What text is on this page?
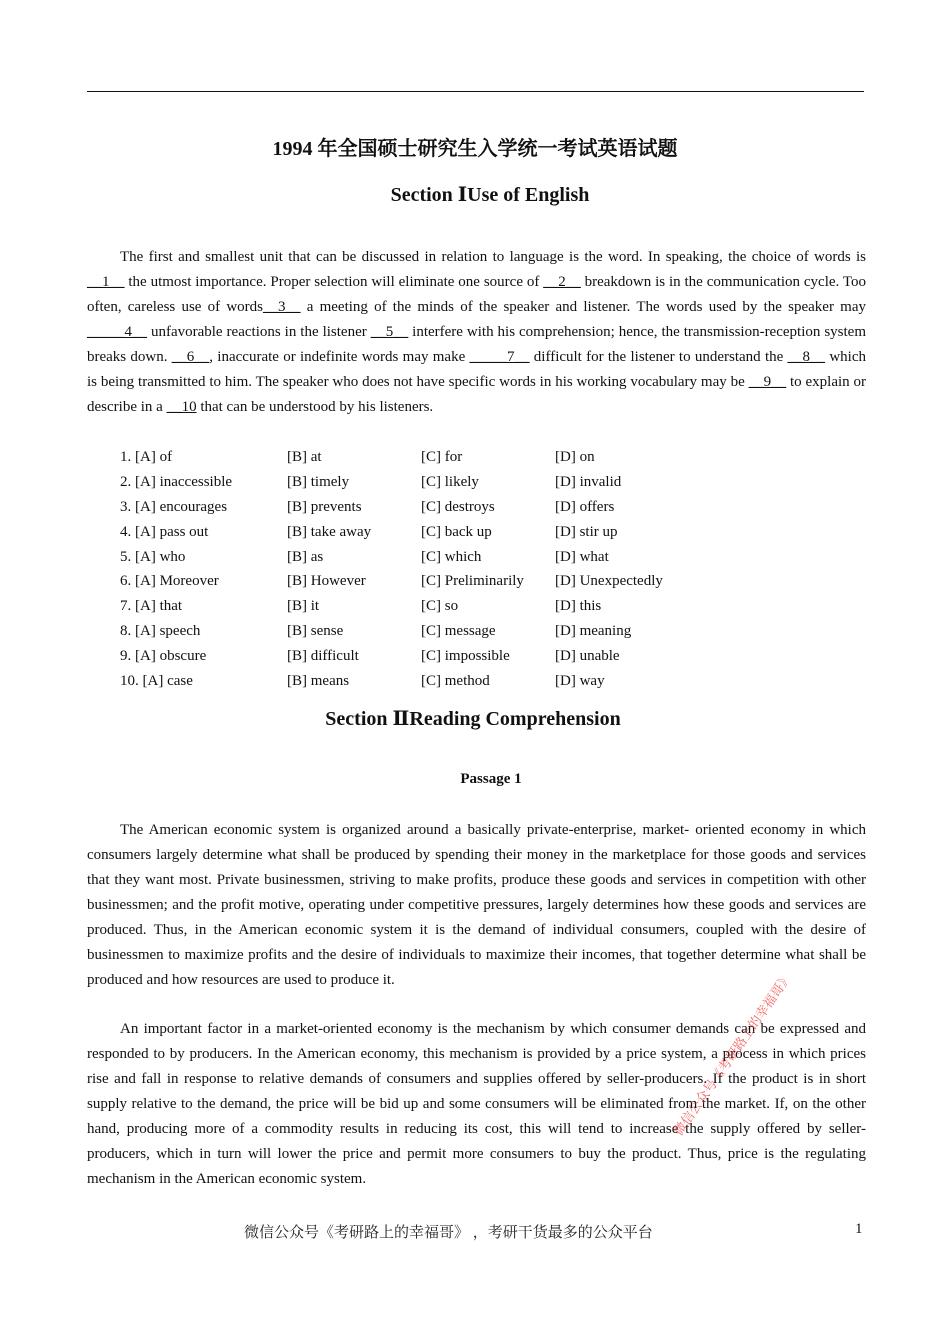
1994 年全国硕士研究生入学统一考试英语试题
Section ⅠUse of English

The first and smallest unit that can be discussed in relation to language is the word. In speaking, the choice of words is __1__ the utmost importance. Proper selection will eliminate one source of __2__ breakdown is in the communication cycle. Too often, careless use of words__3__ a meeting of the minds of the speaker and listener. The words used by the speaker may _____4__ unfavorable reactions in the listener __5__ interfere with his comprehension; hence, the transmission-reception system breaks down. __6__, inaccurate or indefinite words may make _____7__ difficult for the listener to understand the __8__ which is being transmitted to him. The speaker who does not have specific words in his working vocabulary may be __9__ to explain or describe in a __10 that can be understood by his listeners.

1. [A] of	[B] at	[C] for	[D] on
2. [A] inaccessible	[B] timely	[C] likely	[D] invalid
3. [A] encourages	[B] prevents	[C] destroys	[D] offers
4. [A] pass out	[B] take away	[C] back up	[D] stir up
5. [A] who	[B] as	[C] which	[D] what
6. [A] Moreover	[B] However	[C] Preliminarily	[D] Unexpectedly
7. [A] that	[B] it	[C] so	[D] this
8. [A] speech	[B] sense	[C] message	[D] meaning
9. [A] obscure	[B] difficult	[C] impossible	[D] unable
10. [A] case	[B] means	[C] method	[D] way
Section ⅡReading Comprehension
Passage 1

The American economic system is organized around a basically private-enterprise, market- oriented economy in which consumers largely determine what shall be produced by spending their money in the marketplace for those goods and services that they want most. Private businessmen, striving to make profits, produce these goods and services in competition with other businessmen; and the profit motive, operating under competitive pressures, largely determines how these goods and services are produced. Thus, in the American economic system it is the demand of individual consumers, coupled with the desire of businessmen to maximize profits and the desire of individuals to maximize their incomes, that together determine what shall be produced and how resources are used to produce it.

An important factor in a market-oriented economy is the mechanism by which consumer demands can be expressed and responded to by producers. In the American economy, this mechanism is provided by a price system, a process in which prices rise and fall in response to relative demands of consumers and supplies offered by seller-producers. If the product is in short supply relative to the demand, the price will be bid up and some consumers will be eliminated from the market. If, on the other hand, producing more of a commodity results in reducing its cost, this will tend to increase the supply offered by seller-producers, which in turn will lower the price and permit more consumers to buy the product. Thus, price is the regulating mechanism in the American economic system.

微信公众号《考研路上的幸福哥》 ，考研干货最多的公众平台	1
微信公众号《考研路上的幸福哥》
